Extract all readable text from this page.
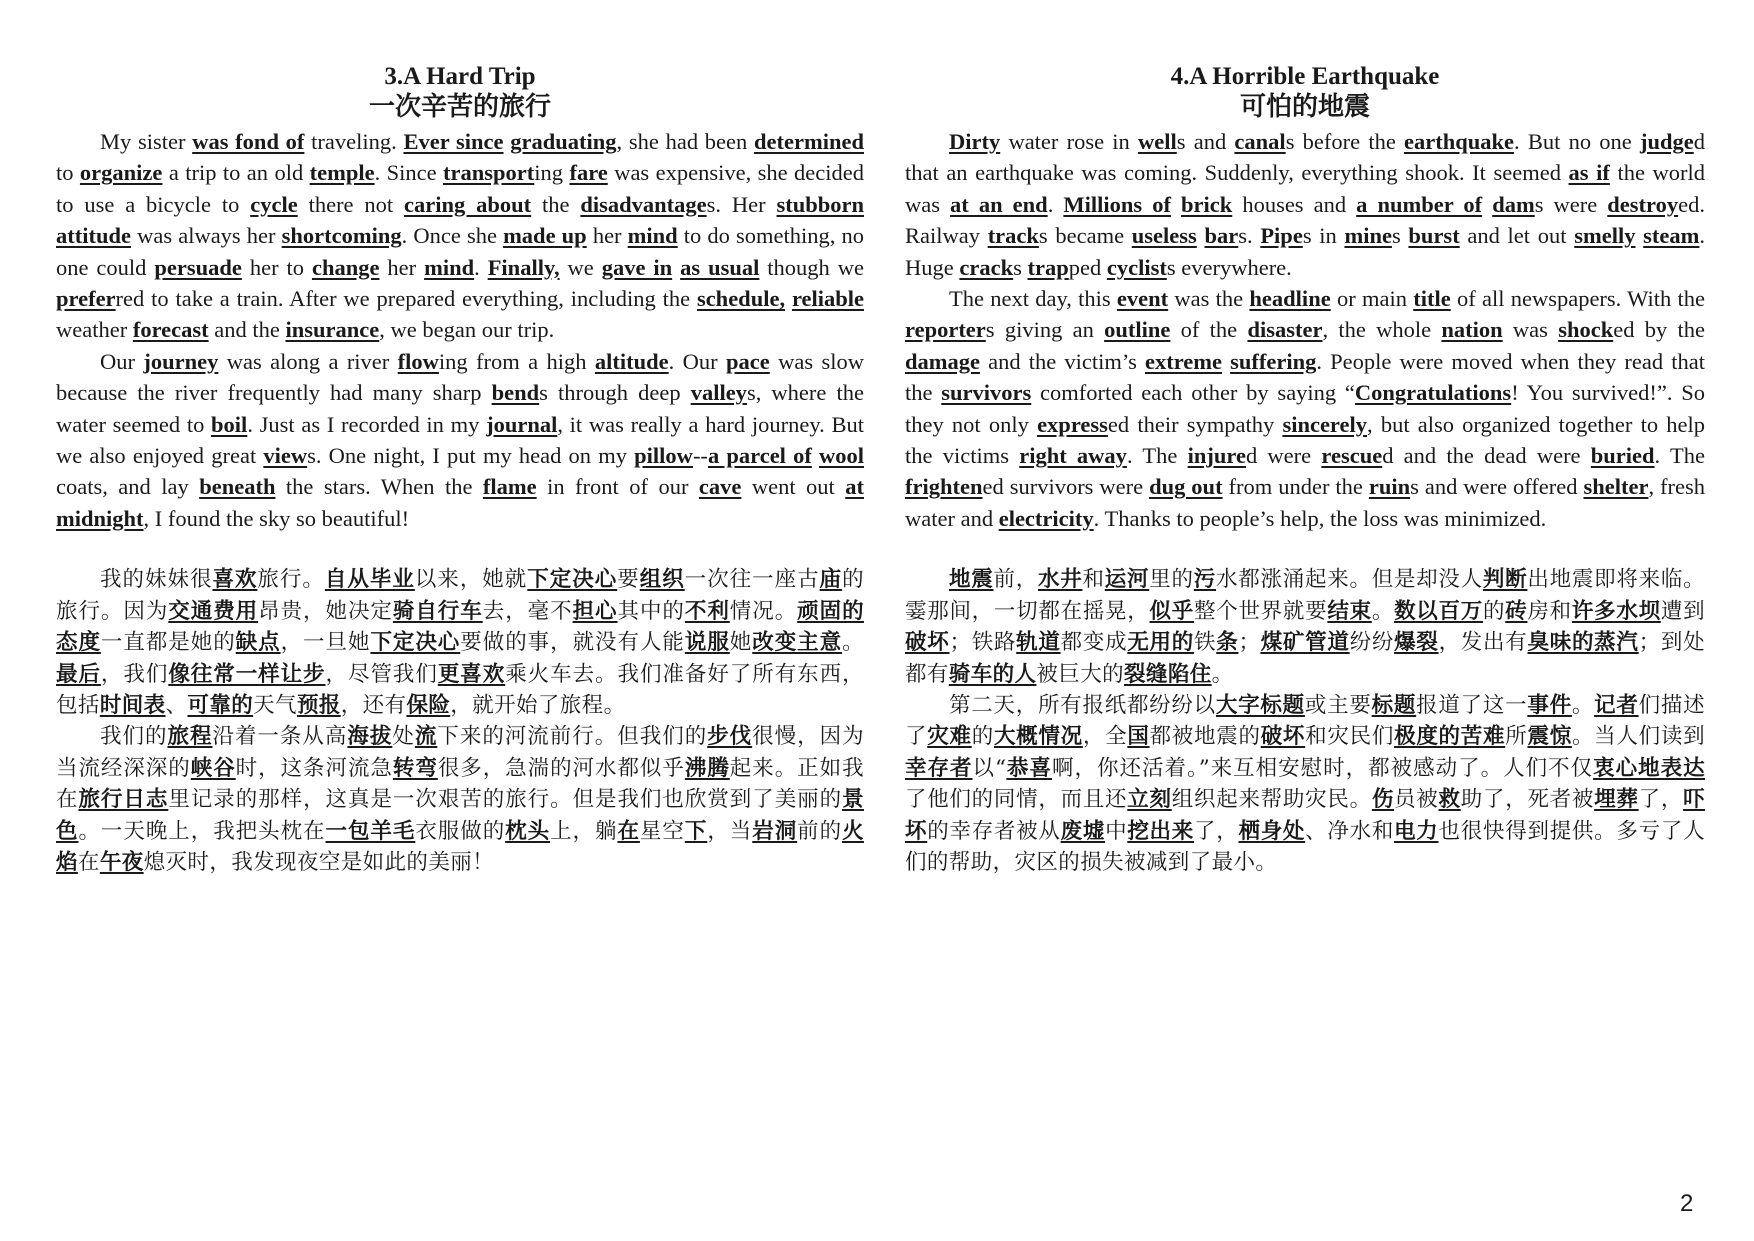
3.A Hard Trip
一次辛苦的旅行

My sister was fond of traveling. Ever since graduating, she had been determined to organize a trip to an old temple. Since transporting fare was expensive, she decided to use a bicycle to cycle there not caring about the disadvantages. Her stubborn attitude was always her shortcoming. Once she made up her mind to do something, no one could persuade her to change her mind. Finally, we gave in as usual though we preferred to take a train. After we prepared everything, including the schedule, reliable weather forecast and the insurance, we began our trip.

Our journey was along a river flowing from a high altitude. Our pace was slow because the river frequently had many sharp bends through deep valleys, where the water seemed to boil. Just as I recorded in my journal, it was really a hard journey. But we also enjoyed great views. One night, I put my head on my pillow--a parcel of wool coats, and lay beneath the stars. When the flame in front of our cave went out at midnight, I found the sky so beautiful!

我的妹妹很喜欢旅行。自从毕业以来，她就下定决心要组织一次往一座古庙的旅行。因为交通费用昂贵，她决定骑自行车去，毫不担心其中的不利情况。顽固的态度一直都是她的缺点，一旦她下定决心要做的事，就没有人能说服她改变主意。最后，我们像往常一样让步，尽管我们更喜欢乘火车去。我们准备好了所有东西，包括时间表、可靠的天气预报，还有保险，就开始了旅程。

我们的旅程沿着一条从高海拔处流下来的河流前行。但我们的步伐很慢，因为当流经深深的峡谷时，这条河流急转弯很多，急湍的河水都似乎沸腾起来。正如我在旅行日志里记录的那样，这真是一次艰苦的旅行。但是我们也欣赏到了美丽的景色。一天晚上，我把头枕在一包羊毛衣服做的枕头上，躺在星空下，当岩洞前的火焰在午夜熄灭时，我发现夜空是如此的美丽！

4.A Horrible Earthquake
可怕的地震

Dirty water rose in wells and canals before the earthquake. But no one judged that an earthquake was coming. Suddenly, everything shook. It seemed as if the world was at an end. Millions of brick houses and a number of dams were destroyed. Railway tracks became useless bars. Pipes in mines burst and let out smelly steam. Huge cracks trapped cyclists everywhere.

The next day, this event was the headline or main title of all newspapers. With the reporters giving an outline of the disaster, the whole nation was shocked by the damage and the victim’s extreme suffering. People were moved when they read that the survivors comforted each other by saying “Congratulations! You survived!”. So they not only expressed their sympathy sincerely, but also organized together to help the victims right away. The injured were rescued and the dead were buried. The frightened survivors were dug out from under the ruins and were offered shelter, fresh water and electricity. Thanks to people’s help, the loss was minimized.

地震前，水井和运河里的污水都涨涌起来。但是却没人判断出地震即将来临。霎那间，一切都在摇晃，似乎整个世界就要结束。数以百万的砖房和许多水坝遭到破坏；铁路轨道都变成无用的铁条；煤矿管道纷纷爆裂，发出有臭味的蒸汽；到处都有骑车的人被巨大的裂缝陷住。

第二天，所有报纸都纷纷以大字标题或主要标题报道了这一事件。记者们描述了灾难的大概情况，全国都被地震的破坏和灾民们极度的苦难所震惊。当人们读到幸存者以“恭喜啊，你还活着。”来互相安慰时，都被感动了。人们不仅衷心地表达了他们的同情，而且还立刻组织起来帮助灾民。伤员被救助了，死者被埋葬了，吓坏的幸存者被从废墟中挖出来了，栖身处、净水和电力也很快得到提供。多亏了人们的帮助，灾区的损失被减到了最小。

2
